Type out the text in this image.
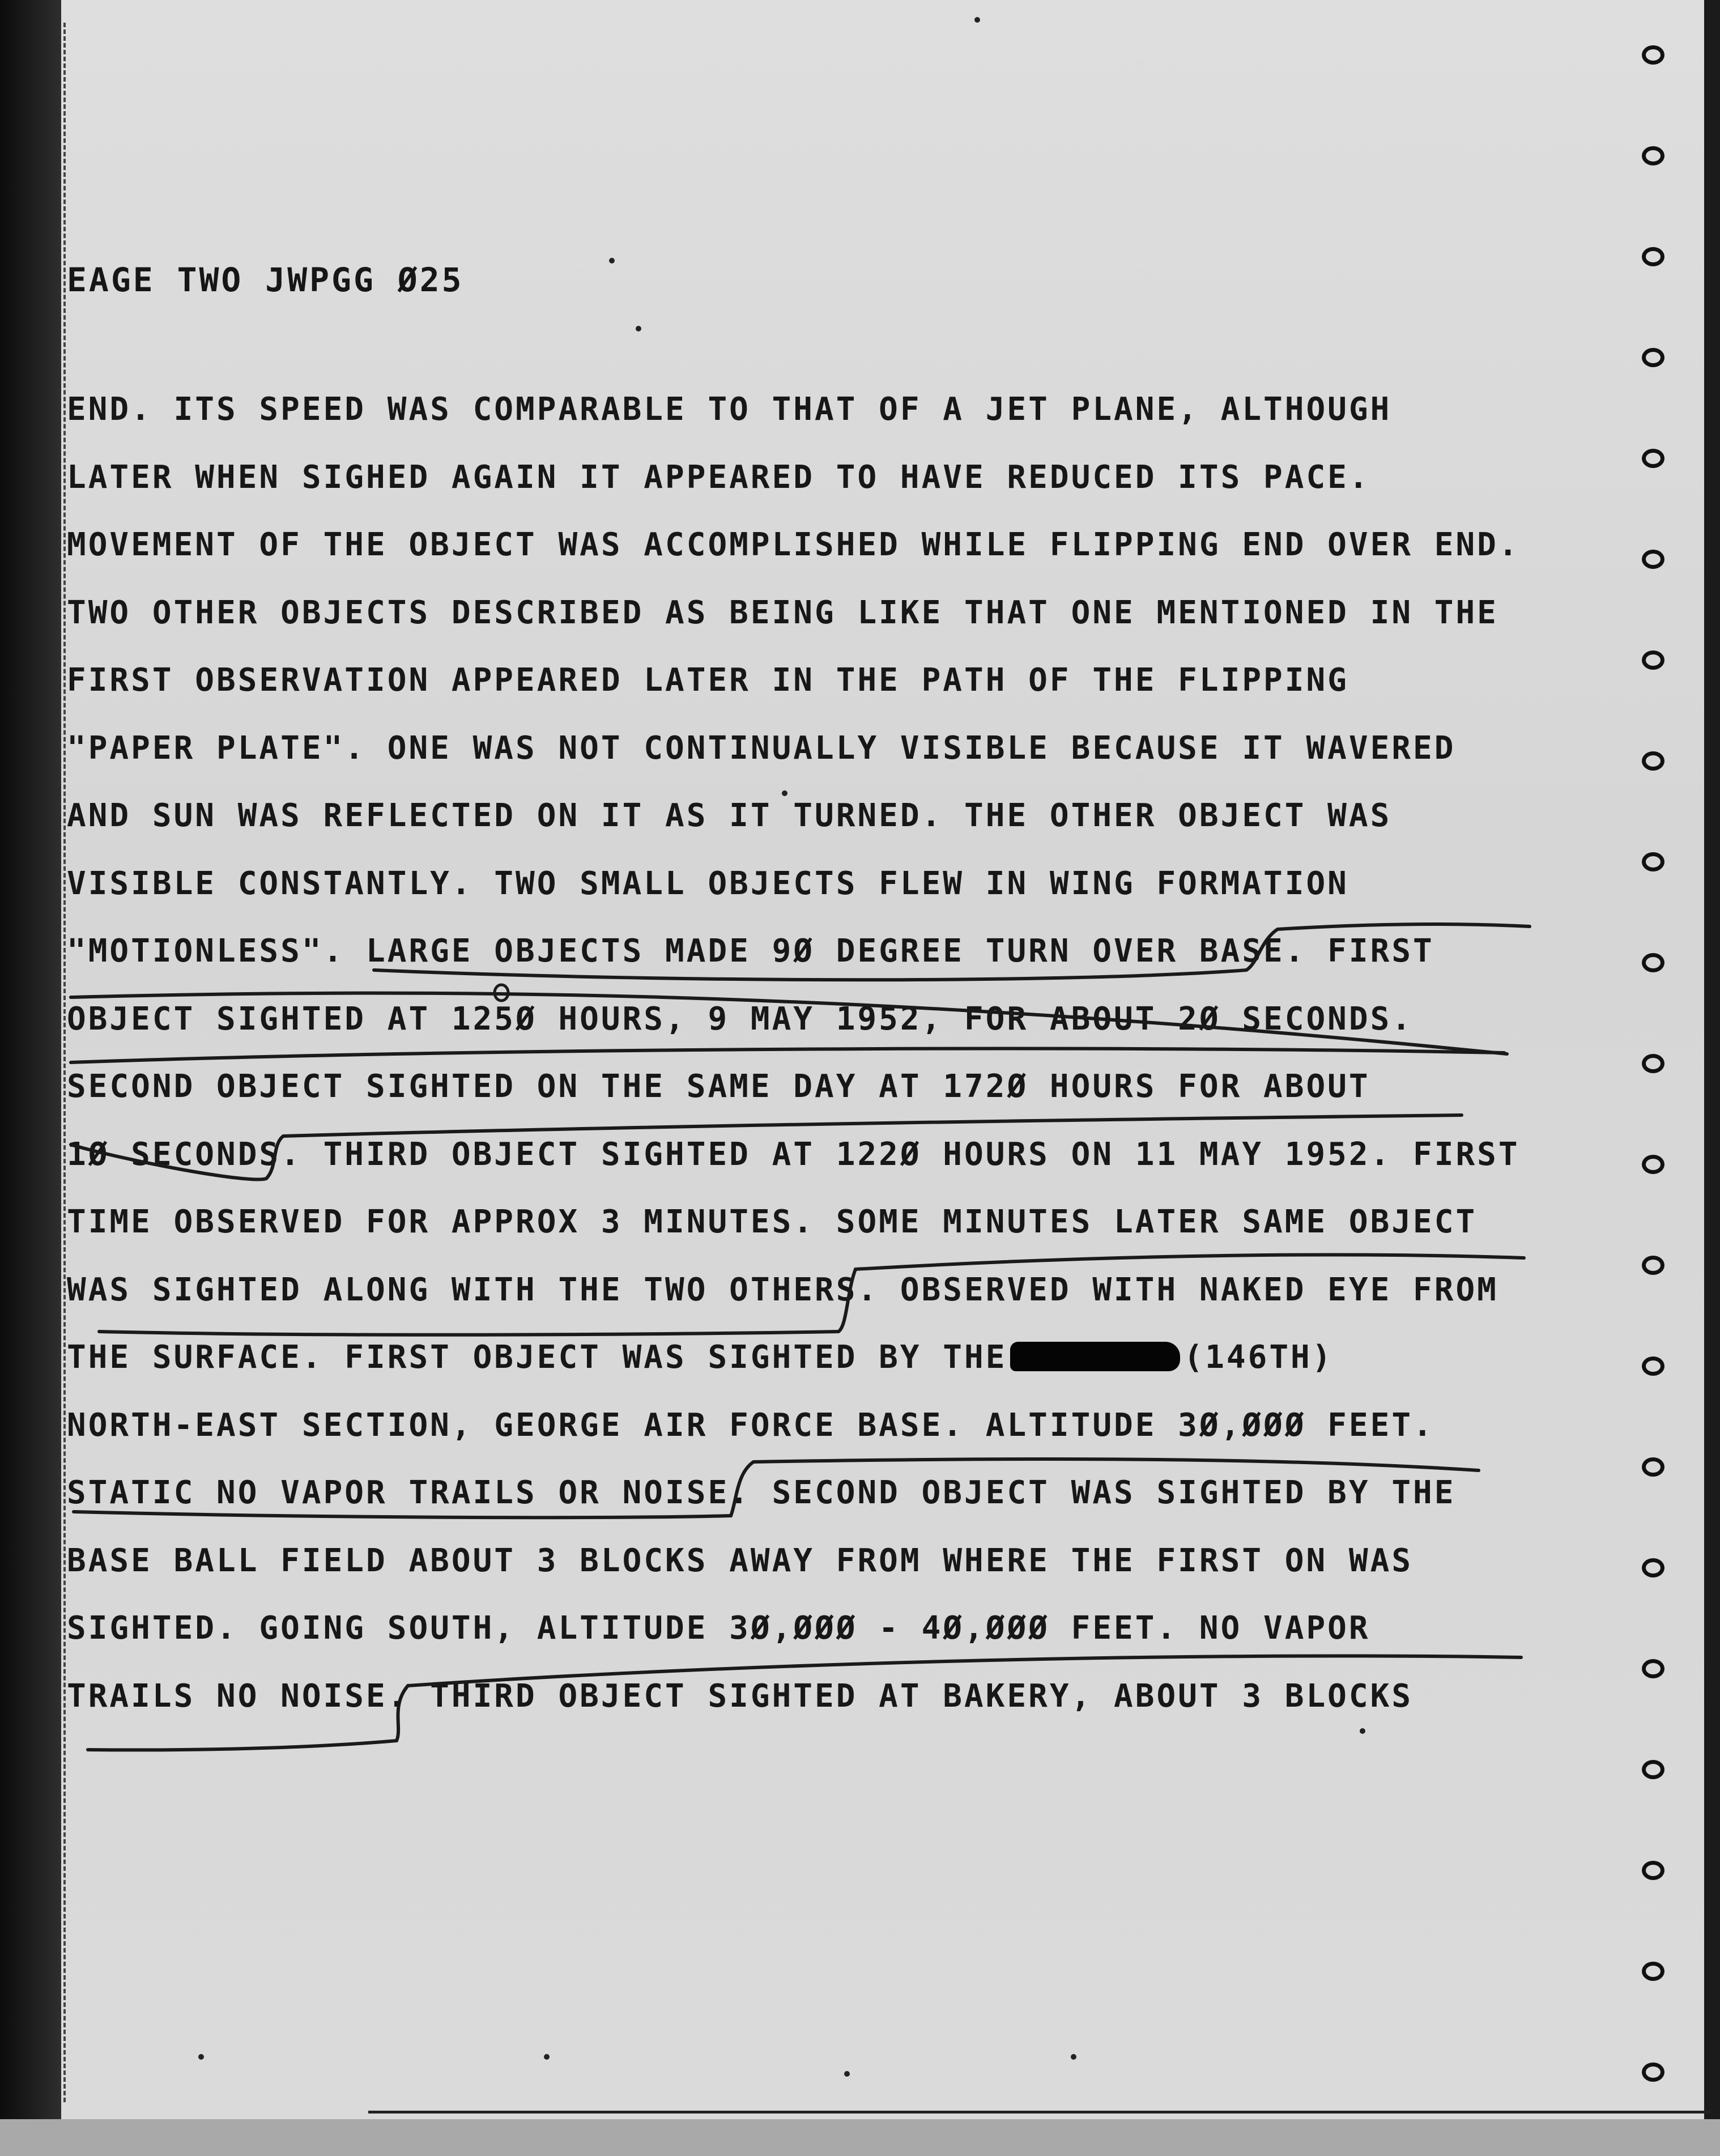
EAGE TWO JWPGG Ø25
END. ITS SPEED WAS COMPARABLE TO THAT OF A JET PLANE, ALTHOUGH
LATER WHEN SIGHED AGAIN IT APPEARED TO HAVE REDUCED ITS PACE.
MOVEMENT OF THE OBJECT WAS ACCOMPLISHED WHILE FLIPPING END OVER END.
TWO OTHER OBJECTS DESCRIBED AS BEING LIKE THAT ONE MENTIONED IN THE
FIRST OBSERVATION APPEARED LATER IN THE PATH OF THE FLIPPING
"PAPER PLATE". ONE WAS NOT CONTINUALLY VISIBLE BECAUSE IT WAVERED
AND SUN WAS REFLECTED ON IT AS IT TURNED. THE OTHER OBJECT WAS
VISIBLE CONSTANTLY. TWO SMALL OBJECTS FLEW IN WING FORMATION
"MOTIONLESS". LARGE OBJECTS MADE 9Ø DEGREE TURN OVER BASE. FIRST
OBJECT SIGHTED AT 125Ø HOURS, 9 MAY 1952, FOR ABOUT 2Ø SECONDS.
SECOND OBJECT SIGHTED ON THE SAME DAY AT 172Ø HOURS FOR ABOUT
1Ø SECONDS. THIRD OBJECT SIGHTED AT 122Ø HOURS ON 11 MAY 1952. FIRST
TIME OBSERVED FOR APPROX 3 MINUTES. SOME MINUTES LATER SAME OBJECT
WAS SIGHTED ALONG WITH THE TWO OTHERS. OBSERVED WITH NAKED EYE FROM
THE SURFACE. FIRST OBJECT WAS SIGHTED BY THE	(146TH)
NORTH-EAST SECTION, GEORGE AIR FORCE BASE. ALTITUDE 3Ø,ØØØ FEET.
STATIC NO VAPOR TRAILS OR NOISE. SECOND OBJECT WAS SIGHTED BY THE
BASE BALL FIELD ABOUT 3 BLOCKS AWAY FROM WHERE THE FIRST ON WAS
SIGHTED. GOING SOUTH, ALTITUDE 3Ø,ØØØ - 4Ø,ØØØ FEET. NO VAPOR
TRAILS NO NOISE. THIRD OBJECT SIGHTED AT BAKERY, ABOUT 3 BLOCKS
